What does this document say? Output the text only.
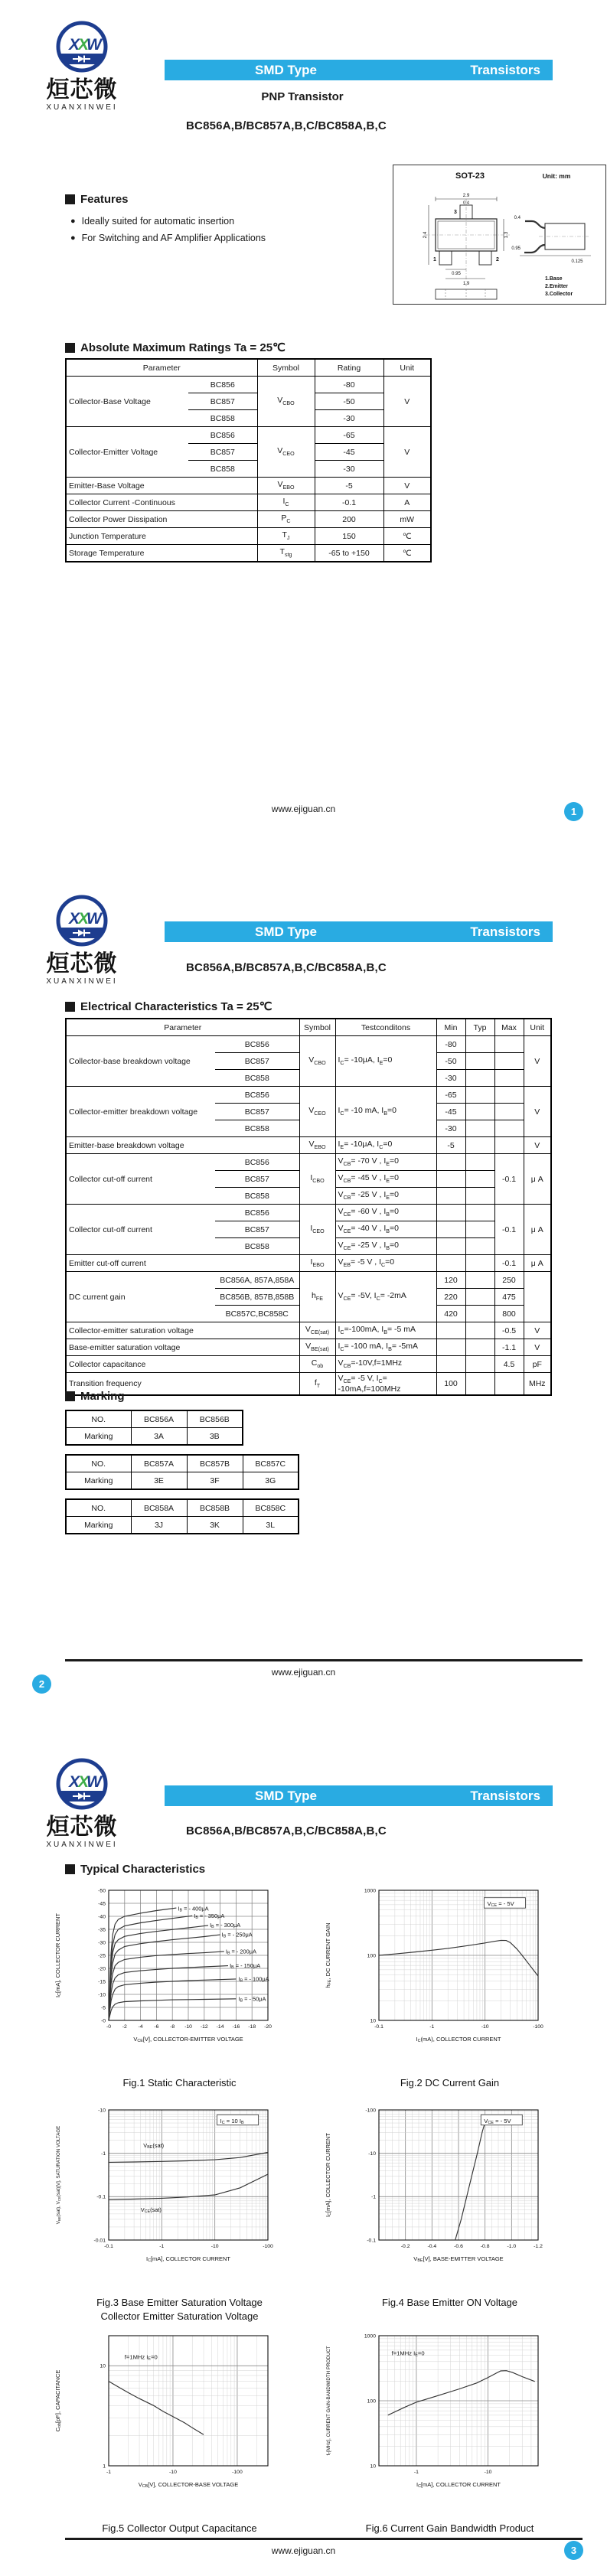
X
X
W
烜芯微
XUANXINWEI
SMD Type	Transistors
PNP Transistor
BC856A,B/BC857A,B,C/BC858A,B,C
SOT-23	Unit: mm
3
1	2
2.9
0.4
2.4	1.3
0.95
1.9
0.4
0.95
0.125
1.Base
2.Emitter
3.Collector
Features
● Ideally suited for automatic insertion
● For Switching and AF Amplifier Applications
Absolute Maximum Ratings Ta = 25℃
Parameter		Symbol	Rating	Unit
Collector-Base Voltage	BC856	$V_{CBO}$	-80	V
	BC857		-50	
	BC858		-30	
Collector-Emitter Voltage	BC856	$V_{CEO}$	-65	V
	BC857		-45	
	BC858		-30	
Emitter-Base Voltage		$V_{EBO}$	-5	V
Collector Current -Continuous		$I_C$	-0.1	A
Collector Power Dissipation		$P_C$	200	mW
Junction Temperature		$T_J$	150	℃
Storage Temperature		$T_{stg}$	-65 to +150	℃
www.ejiguan.cn	1
X
X
W
烜芯微
XUANXINWEI
SMD Type	Transistors
BC856A,B/BC857A,B,C/BC858A,B,C
Electrical Characteristics Ta = 25℃
Parameter		Symbol	Testconditons	Min	Typ	Max	Unit
Collector-base breakdown voltage	BC856	$V_{CBO}$	$I_C= -10\mu A$, $I_E=0$	-80			V
	BC857			-50			
	BC858			-30			
Collector-emitter breakdown voltage	BC856	$V_{CEO}$	$I_C= -10$ mA, $I_B=0$	-65			V
	BC857			-45			
	BC858			-30			
Emitter-base breakdown voltage		$V_{EBO}$	$I_E= -10\mu A$, $I_C=0$	-5			V
Collector cut-off current	BC856	$I_{CBO}$	$V_{CB}= -70$ V , $I_E=0$			-0.1	μ A
	BC857		$V_{CB}= -45$ V , $I_E=0$				
	BC858		$V_{CB}= -25$ V , $I_E=0$				
Collector cut-off current	BC856	$I_{CEO}$	$V_{CE}= -60$ V , $I_B=0$			-0.1	μ A
	BC857		$V_{CE}= -40$ V , $I_B=0$				
	BC858		$V_{CE}= -25$ V , $I_B=0$				
Emitter cut-off current		$I_{EBO}$	$V_{EB}= -5$ V , $I_C=0$			-0.1	μ A
DC current gain	BC856A, 857A,858A	$h_{FE}$	$V_{CE}= -5V$, $I_C= -2mA$	120		250	
	BC856B, 857B,858B			220		475	
	BC857C,BC858C			420		800	
Collector-emitter saturation voltage		$V_{CE(sat)}$	$I_C=-100mA$, $I_B= -5$ mA			-0.5	V
Base-emitter saturation voltage		$V_{BE(sat)}$	$I_C= -100$ mA, $I_B= -5mA$			-1.1	V
Collector capacitance		$C_{ob}$	$V_{CB}=-10V,f=1MHz$			4.5	pF
Transition frequency		$f_T$	$V_{CE}= -5$ V, $I_C= -10mA,f=100MHz$	100			MHz
Marking
NO.	BC856A	BC856B
Marking	3A	3B
NO.	BC857A	BC857B	BC857C
Marking	3E	3F	3G
NO.	BC858A	BC858B	BC858C
Marking	3J	3K	3L
www.ejiguan.cn
2
X
X
W
烜芯微
XUANXINWEI
SMD Type	Transistors
BC856A,B/BC857A,B,C/BC858A,B,C
Typical Characteristics
-0 -2 -4 -6 -8 -10 -12 -14 -16 -18 -20
-0
-5
-10
-15
-20
-25
-30
-35
-40
-45
-50
IB = - 400μA
IB = - 350μA
IB = - 300μA
IB = - 250μA
IB = - 200μA
IB = - 150μA
IB = - 100μA
IB = - 50μA
VCE[V], COLLECTOR-EMITTER VOLTAGE
IC[mA], COLLECTOR CURRENT
Fig.1 Static Characteristic
-0.1	-1	-10	-100
10
100
1000
VCE = - 5V
IC(mA), COLLECTOR CURRENT
hFE, DC CURRENT GAIN
Fig.2 DC Current Gain
-0.1	-1	-10	-100
-0.01
-0.1
-1
-10
VBE(sat)
VCE(sat)
IC = 10 IB
IC[mA], COLLECTOR CURRENT
VBE(sat), VCE(sat)[V], SATURATION VOLTAGE
Fig.3 Base Emitter Saturation Voltage
Collector Emitter Saturation Voltage
-0.2	-0.4	-0.6	-0.8	-1.0	-1.2
-0.1
-1
-10
-100
VCE = - 5V
VBE[V], BASE-EMITTER VOLTAGE
IC[mA], COLLECTOR CURRENT
Fig.4 Base Emitter ON Voltage
-1	-10	-100
1
10
f=1MHz IE=0
VCB[V], COLLECTOR-BASE VOLTAGE
Cob[pF], CAPACITANCE
Fig.5 Collector Output Capacitance
-1	-10
10
100
1000
f=1MHz IE=0
IC[mA], COLLECTOR CURRENT
fT[MHz], CURRENT GAIN-BANDWIDTH PRODUCT
Fig.6 Current Gain Bandwidth Product
www.ejiguan.cn	3
